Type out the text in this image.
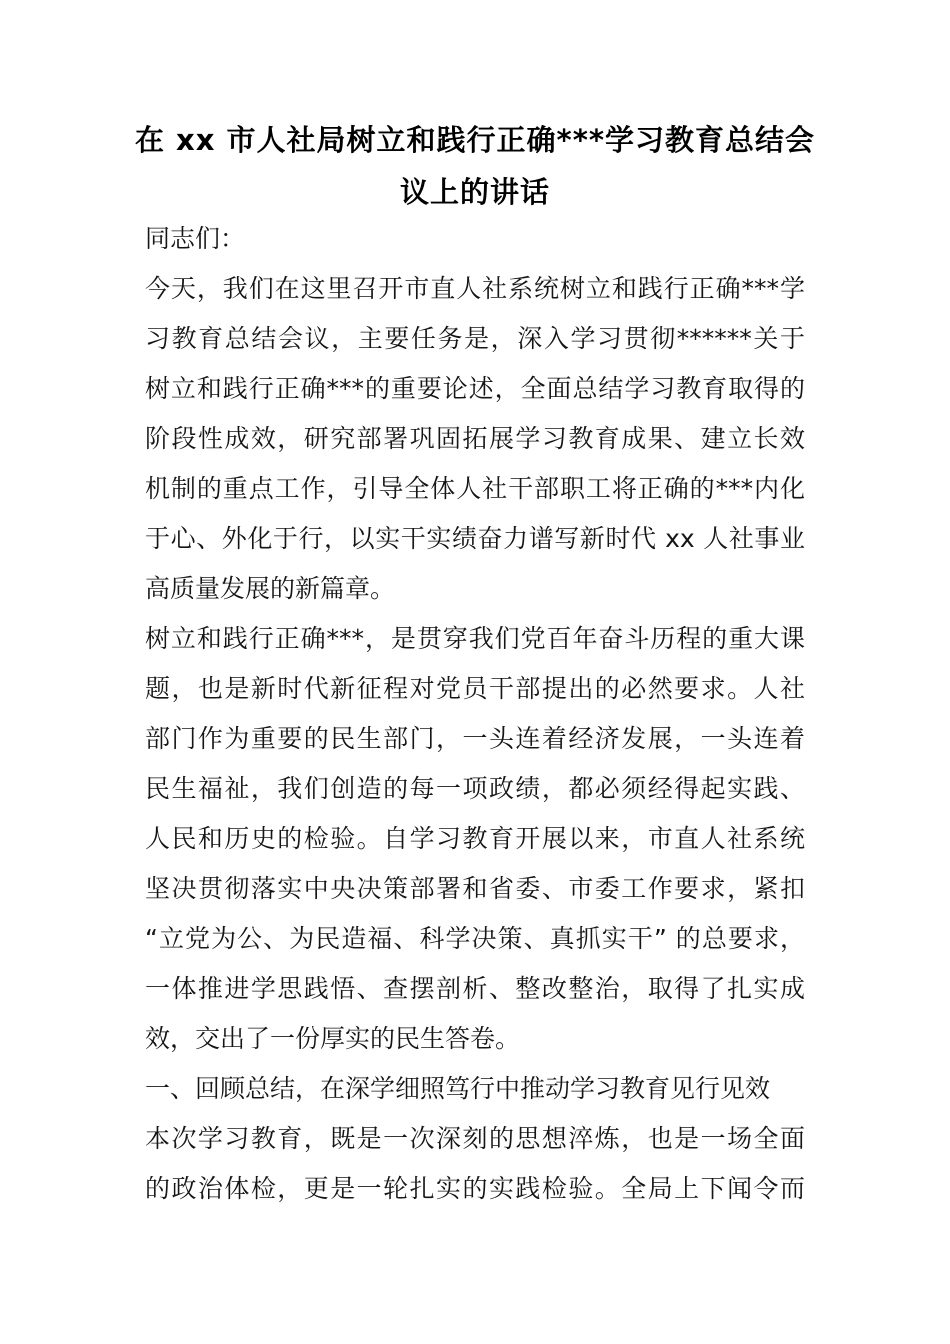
在 xx 市人社局树立和践行正确***学习教育总结会
议上的讲话
同志们：
今天，我们在这里召开市直人社系统树立和践行正确***学
习教育总结会议，主要任务是，深入学习贯彻******关于
树立和践行正确***的重要论述，全面总结学习教育取得的
阶段性成效，研究部署巩固拓展学习教育成果、建立长效
机制的重点工作，引导全体人社干部职工将正确的***内化
于心、外化于行，以实干实绩奋力谱写新时代 xx 人社事业
高质量发展的新篇章。
树立和践行正确***，是贯穿我们党百年奋斗历程的重大课
题，也是新时代新征程对党员干部提出的必然要求。人社
部门作为重要的民生部门，一头连着经济发展，一头连着
民生福祉，我们创造的每一项政绩，都必须经得起实践、
人民和历史的检验。自学习教育开展以来，市直人社系统
坚决贯彻落实中央决策部署和省委、市委工作要求，紧扣
“立党为公、为民造福、科学决策、真抓实干” 的总要求，
一体推进学思践悟、查摆剖析、整改整治，取得了扎实成
效，交出了一份厚实的民生答卷。
一、回顾总结，在深学细照笃行中推动学习教育见行见效
本次学习教育，既是一次深刻的思想淬炼，也是一场全面
的政治体检，更是一轮扎实的实践检验。全局上下闻令而
